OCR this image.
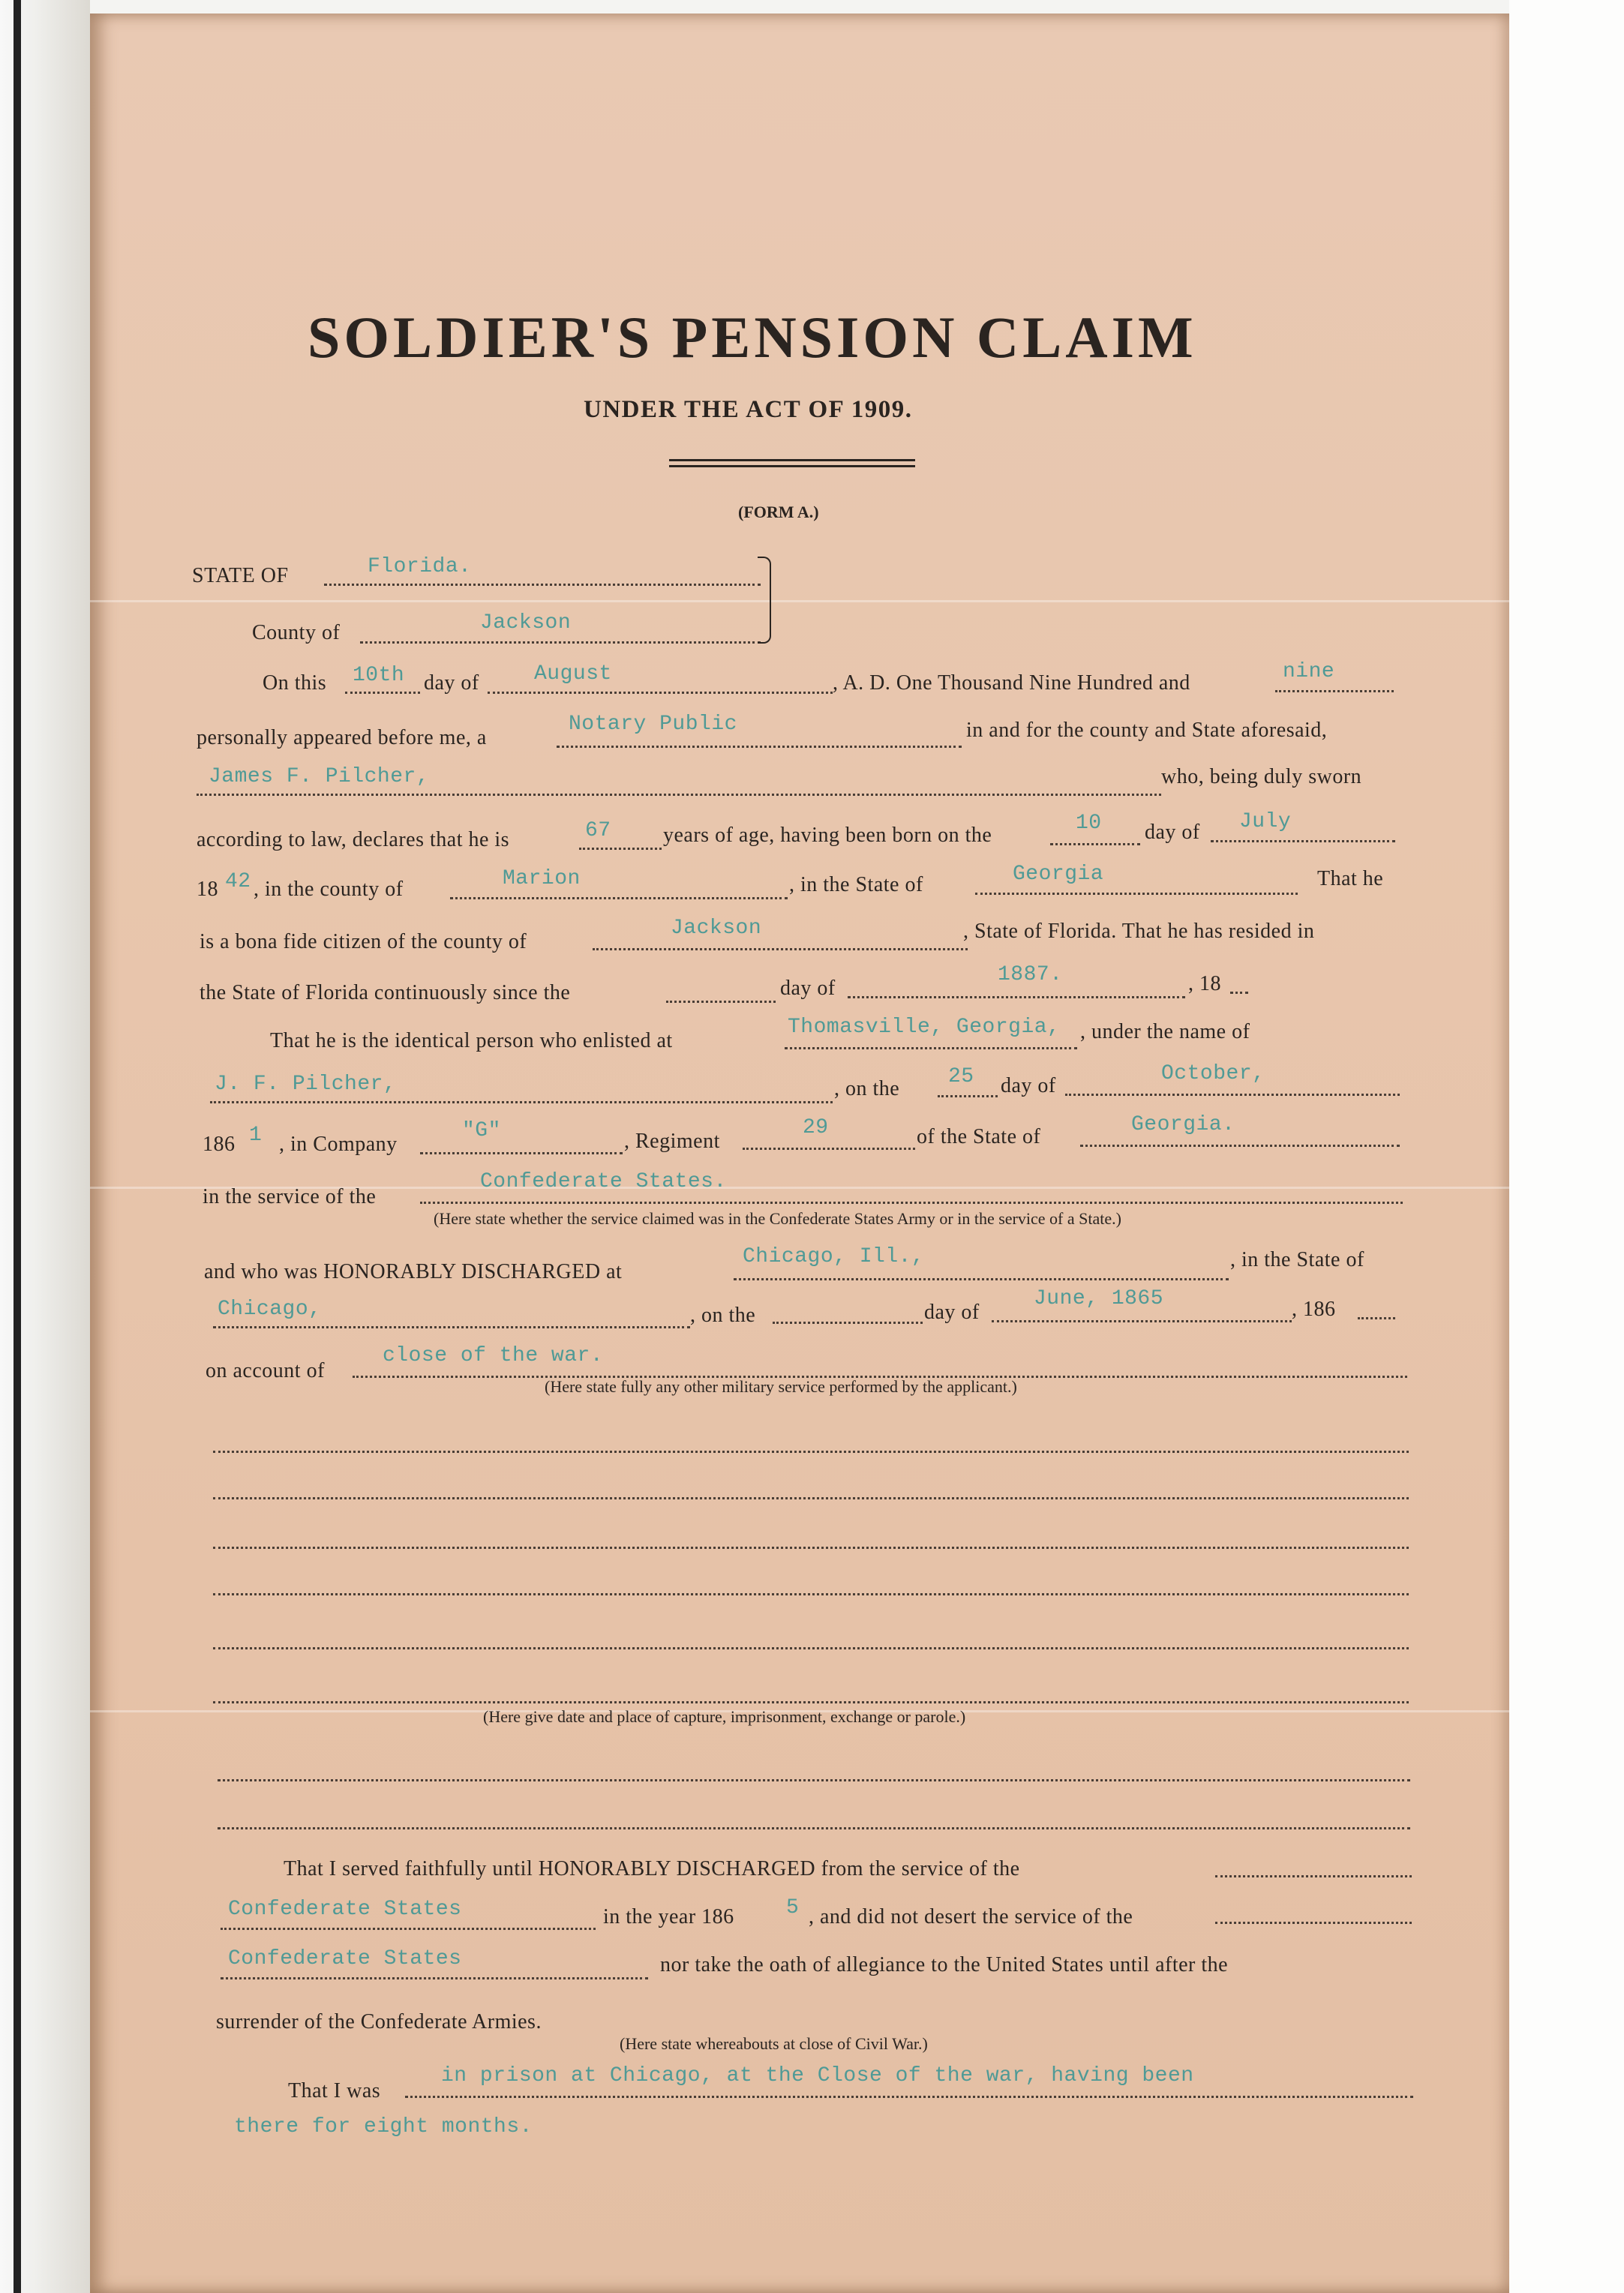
SOLDIER'S PENSION CLAIM
UNDER THE ACT OF 1909.
(FORM A.)
STATE OF	Florida.
County of	Jackson
On this 10th day of	August	, A. D. One Thousand Nine Hundred and	nine
personally appeared before me, a
Notary Public	in and for the county and State aforesaid,
James F. Pilcher,	who, being duly sworn
according to law, declares that he is	67 years of age, having been born on the
10 day of July
18 42 , in the county of	Marion	, in the State of	Georgia	That he
is a bona fide citizen of the county of
Jackson	, State of Florida. That he has resided in
the State of Florida continuously since the	day of
1887.	, 18
That he is the identical person who enlisted at
Thomasville, Georgia, , under the name of
J. F. Pilcher,	, on the
25 day of
October,
186 1 , in Company
"G"	, Regiment
29	of the State of
Georgia.
in the service of the
Confederate States.
(Here state whether the service claimed was in the Confederate States Army or in the service of a State.)
and who was HONORABLY DISCHARGED at
Chicago, Ill.,	, in the State of
Chicago,	, on the	day of
June, 1865	, 186
on account of
close of the war.
(Here state fully any other military service performed by the applicant.)
(Here give date and place of capture, imprisonment, exchange or parole.)
That I served faithfully until HONORABLY DISCHARGED from the service of the
Confederate States	in the year 186 5 , and did not desert the service of the
Confederate States	nor take the oath of allegiance to the United States until after the
surrender of the Confederate Armies.
(Here state whereabouts at close of Civil War.)
That I was
in prison at Chicago, at the Close of the war, having been
there for eight months.
